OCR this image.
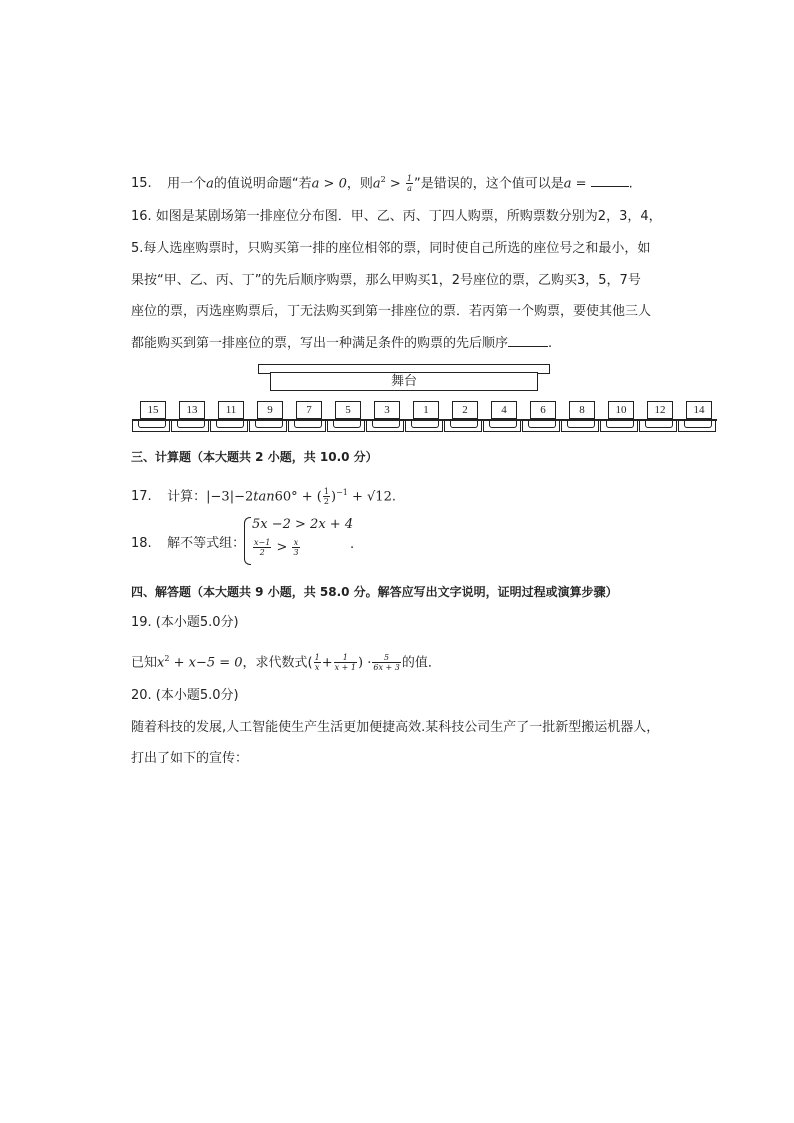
15. 用一个a的值说明命题“若a > 0，则$a^2 > \frac{1}{a}$ ”是错误的，这个值可以是a =	.
16. 如图是某剧场第一排座位分布图．甲、乙、丙、丁四人购票，所购票数分别为2，3，4，
5.每人选座购票时，只购买第一排的座位相邻的票，同时使自己所选的座位号之和最小，如
果按“甲、乙、丙、丁”的先后顺序购票，那么甲购买1，2号座位的票，乙购买3，5，7号
座位的票，丙选座购票后，丁无法购买到第一排座位的票．若丙第一个购票，要使其他三人
都能购买到第一排座位的票，写出一种满足条件的购票的先后顺序	.
舞台
15	13	11	9	7	5	3	1	2	4	6	8	10	12	14
三、计算题（本大题共 2 小题，共 10.0 分）
17. 计算：|−3|−2tan60° + ( $\frac{1}{2} )^{-1} + √12$.
18. 解不等式组：
5x −2 > 2x + 4
$\frac{x-1}{2} > \frac{x}{3}$	.
四、解答题（本大题共 9 小题，共 58.0 分。解答应写出文字说明，证明过程或演算步骤）
19. (本小题5.0分)
已知$x^2 + x-5 = 0$，求代数式( $\frac{1}{x} + \frac{1}{x + 1}$ ) · $\frac{5}{6x + 3}$ 的值．
20. (本小题5.0分)
随着科技的发展,人工智能使生产生活更加便捷高效.某科技公司生产了一批新型搬运机器人，
打出了如下的宣传：
